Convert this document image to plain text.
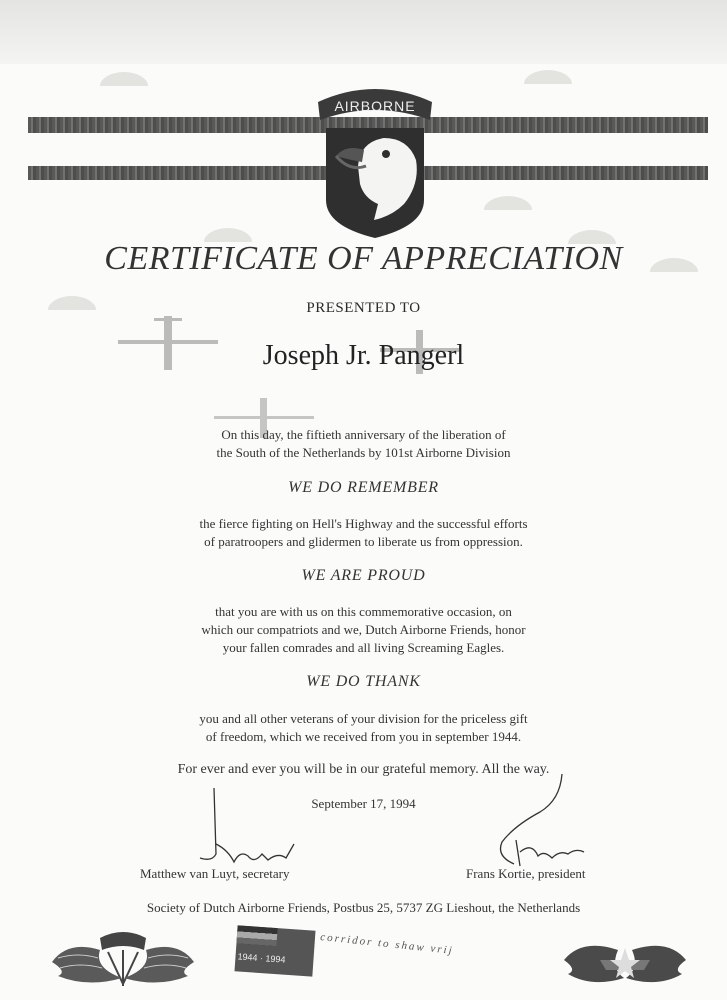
AIRBORNE
CERTIFICATE OF APPRECIATION
PRESENTED TO
Joseph Jr. Pangerl
On this day, the fiftieth anniversary of the liberation of
the South of the Netherlands by 101st Airborne Division
WE DO REMEMBER
the fierce fighting on Hell's Highway and the successful efforts
of paratroopers and glidermen to liberate us from oppression.
WE ARE PROUD
that you are with us on this commemorative occasion, on
which our compatriots and we, Dutch Airborne Friends, honor
your fallen comrades and all living Screaming Eagles.
WE DO THANK
you and all other veterans of your division for the priceless gift
of freedom, which we received from you in september 1944.
For ever and ever you will be in our grateful memory. All the way.
September 17, 1994
Matthew van Luyt, secretary	Frans Kortie, president
Society of Dutch Airborne Friends, Postbus 25, 5737 ZG Lieshout, the Netherlands
1944 · 1994
corridor to shaw vrij
